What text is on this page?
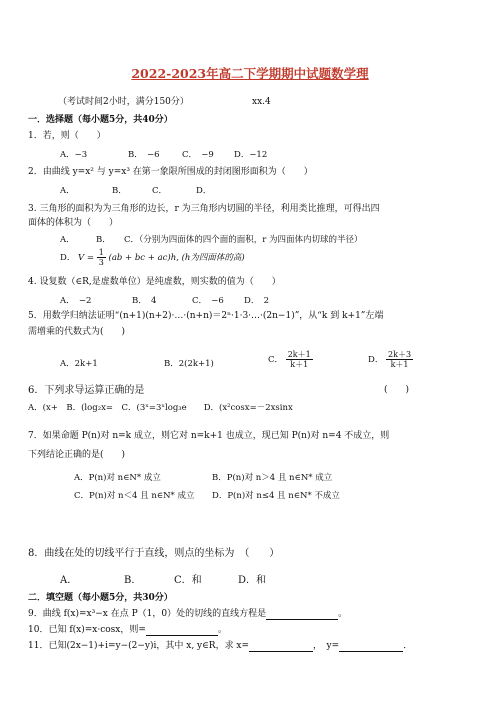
2022-2023年高二下学期期中试题数学理
（考试时间2小时，满分150分）	xx.4
一．选择题（每小题5分，共40分）
1．若，则（　　）
A．−3	B．　−6	C．　−9 D．−12
2．由曲线 y=x² 与 y=x³ 在第一象限所围成的封闭图形面积为（　　）
A．	B．	C．	D．
3. 三角形的面积为为三角形的边长，r 为三角形内切圆的半径，利用类比推理，可得出四
面体的体积为（　　）
A．	B． C．（分别为四面体的四个面的面积，r 为四面体内切球的半径）
D． $V = \frac{1}{3} (ab$ + bc + ac)h, (h为四面体的高)
4. 设复数（∈R,是虚数单位）是纯虚数，则实数的值为（　　）
A．　−2	B．　4	C．　−6 D．　2
5．用数学归纳法证明“(n+1)(n+2)·…·(n+n)＝2ⁿ·1·3·…·(2n−1)”，从“k 到 k+1”左端
需增乘的代数式为(　　)
A．2k+1	B．2(2k+1)	C． $\frac{2k+1}{k+1}$	D． $\frac{2k+3}{k+1}$
6．下列求导运算正确的是	(　　)
A．(x+　B．(log₂x=　C．(3ˣ=3ˣlog₃e　　D．(x²cosx=－2xsinx
7．如果命题 P(n)对 n=k 成立，则它对 n=k+1 也成立，现已知 P(n)对 n=4 不成立，则
下列结论正确的是(　　)
A．P(n)对 n∈N* 成立	B．P(n)对 n＞4 且 n∈N* 成立
C．P(n)对 n＜4 且 n∈N* 成立 D．P(n)对 n≤4 且 n∈N* 不成立
8．曲线在处的切线平行于直线，则点的坐标为　（　　）
A．	B．	C．和	D．和
二．填空题（每小题5分，共30分）
9．曲线 f(x)=x³−x 在点 P（1，0）处的切线的直线方程是	。
10．已知 f(x)=x·cosx，则=	。
11．已知(2x−1)+i=y−(2−y)i，其中 x, y∈R，求 x=	，　y=	．
